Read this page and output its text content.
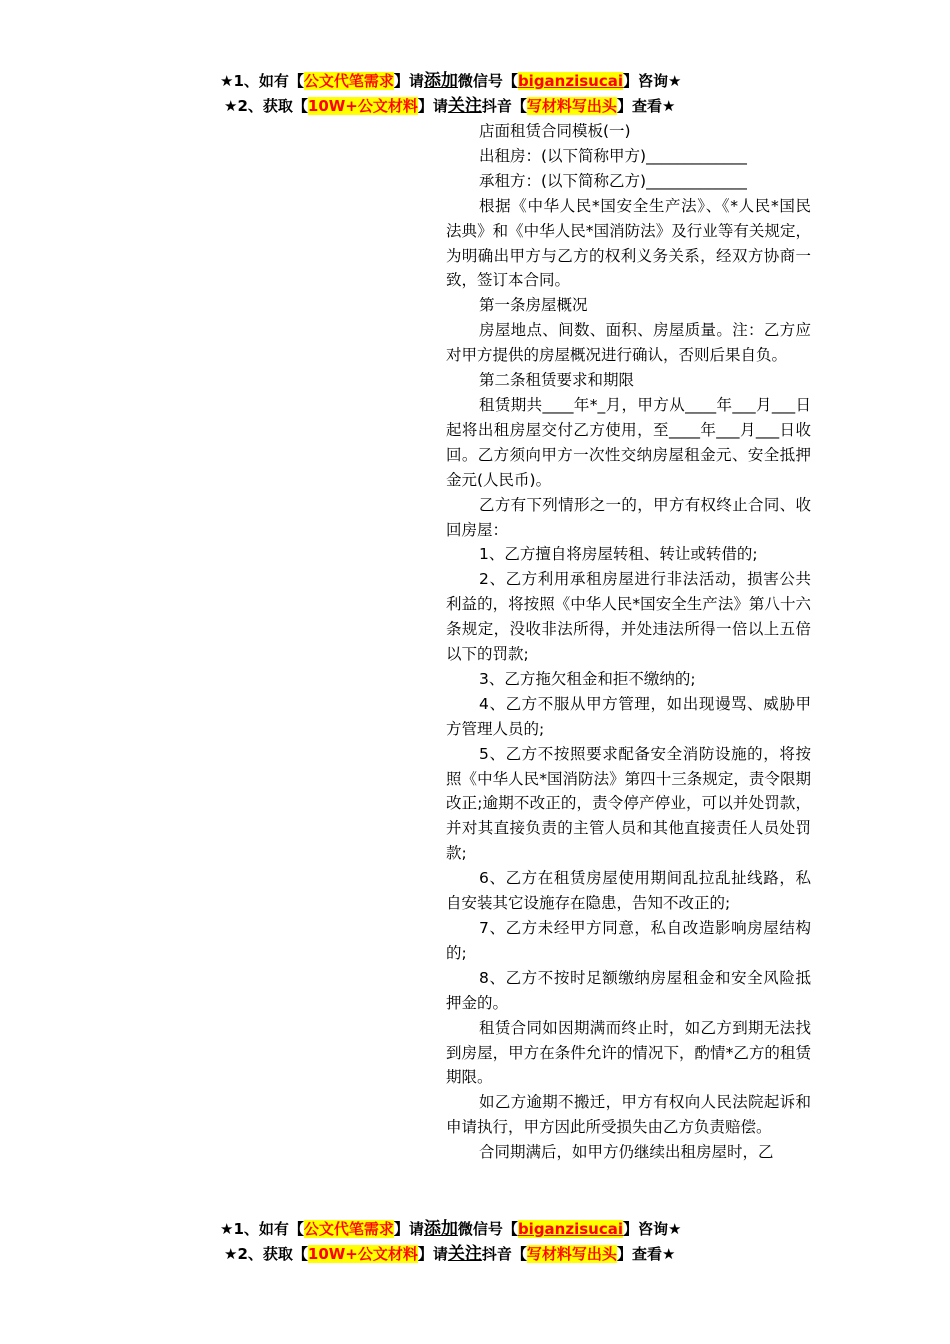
★1、如有【公文代笔需求】请添加微信号【biganzisucai】咨询★
★2、获取【10W+公文材料】请关注抖音【写材料写出头】查看★

店面租赁合同模板(一)

出租房：(以下简称甲方)_____________

承租方：(以下简称乙方)_____________

根据《中华人民*国安全生产法》、《*人民*国民法典》和《中华人民*国消防法》及行业等有关规定，为明确出甲方与乙方的权利义务关系，经双方协商一致，签订本合同。

第一条房屋概况

房屋地点、间数、面积、房屋质量。注：乙方应对甲方提供的房屋概况进行确认，否则后果自负。

第二条租赁要求和期限

租赁期共____年*_月，甲方从____年___月___日起将出租房屋交付乙方使用，至____年___月___日收回。乙方须向甲方一次性交纳房屋租金元、安全抵押金元(人民币)。

乙方有下列情形之一的，甲方有权终止合同、收回房屋：

1、乙方擅自将房屋转租、转让或转借的;

2、乙方利用承租房屋进行非法活动，损害公共利益的，将按照《中华人民*国安全生产法》第八十六条规定，没收非法所得，并处违法所得一倍以上五倍以下的罚款;

3、乙方拖欠租金和拒不缴纳的;

4、乙方不服从甲方管理，如出现谩骂、威胁甲方管理人员的;

5、乙方不按照要求配备安全消防设施的，将按照《中华人民*国消防法》第四十三条规定，责令限期改正;逾期不改正的，责令停产停业，可以并处罚款，并对其直接负责的主管人员和其他直接责任人员处罚款;

6、乙方在租赁房屋使用期间乱拉乱扯线路，私自安装其它设施存在隐患，告知不改正的;

7、乙方未经甲方同意，私自改造影响房屋结构的;

8、乙方不按时足额缴纳房屋租金和安全风险抵押金的。

租赁合同如因期满而终止时，如乙方到期无法找到房屋，甲方在条件允许的情况下，酌情*乙方的租赁期限。

如乙方逾期不搬迁，甲方有权向人民法院起诉和申请执行，甲方因此所受损失由乙方负责赔偿。

合同期满后，如甲方仍继续出租房屋时，乙

★1、如有【公文代笔需求】请添加微信号【biganzisucai】咨询★
★2、获取【10W+公文材料】请关注抖音【写材料写出头】查看★
